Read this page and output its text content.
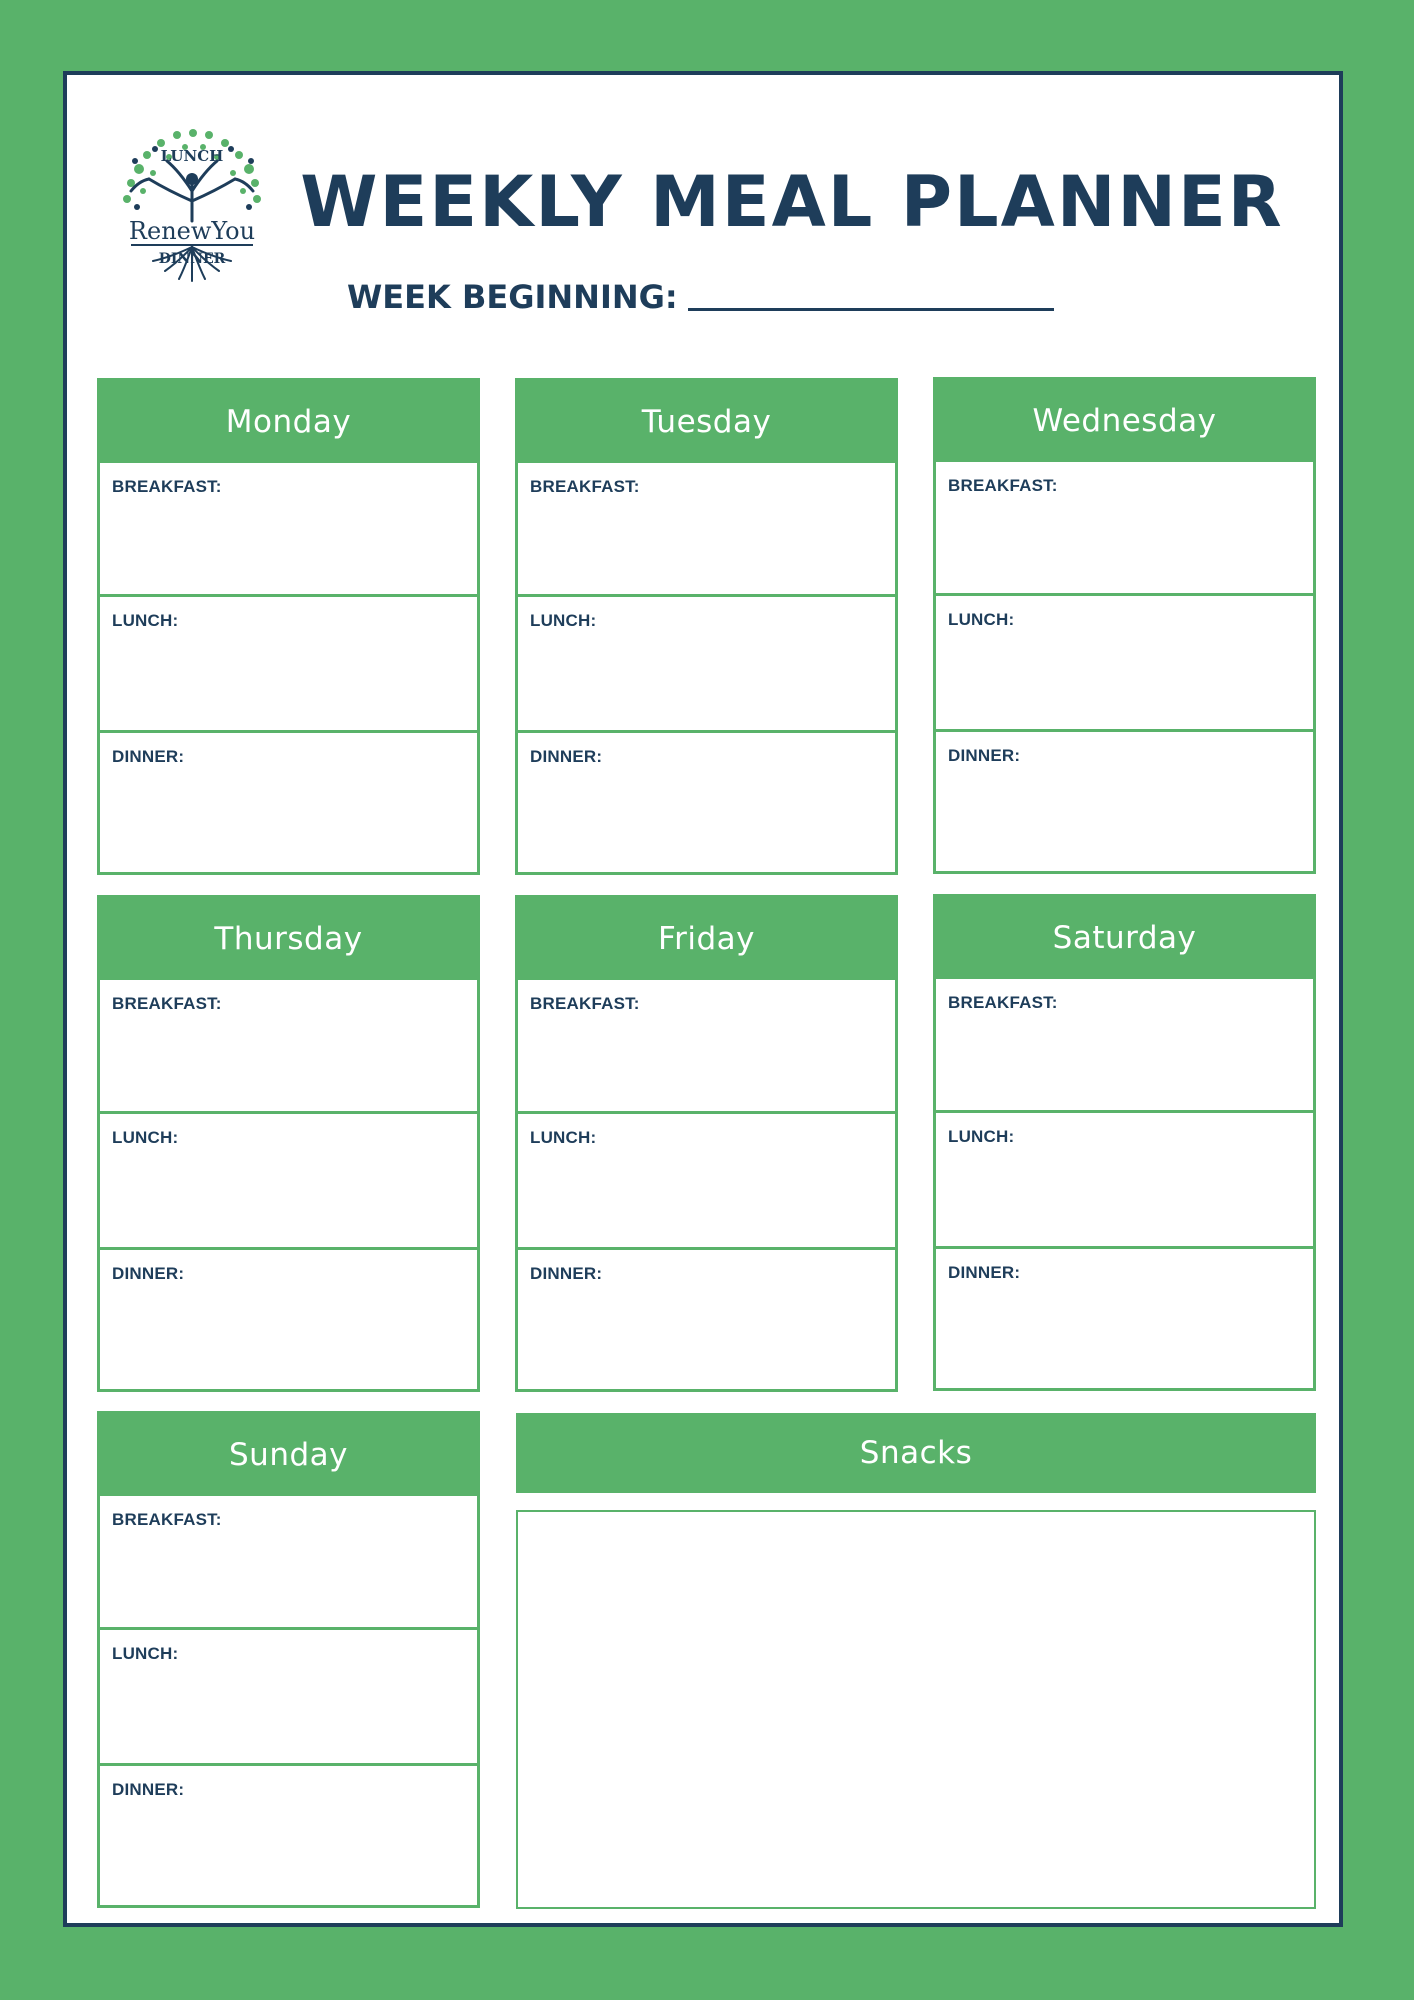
LUNCH
RenewYou
DINNER
WEEKLY MEAL PLANNER
WEEK BEGINNING:
Monday
BREAKFAST:
LUNCH:
DINNER:
Tuesday
BREAKFAST:
LUNCH:
DINNER:
Wednesday
BREAKFAST:
LUNCH:
DINNER:
Thursday
BREAKFAST:
LUNCH:
DINNER:
Friday
BREAKFAST:
LUNCH:
DINNER:
Saturday
BREAKFAST:
LUNCH:
DINNER:
Sunday
BREAKFAST:
LUNCH:
DINNER:
Snacks
